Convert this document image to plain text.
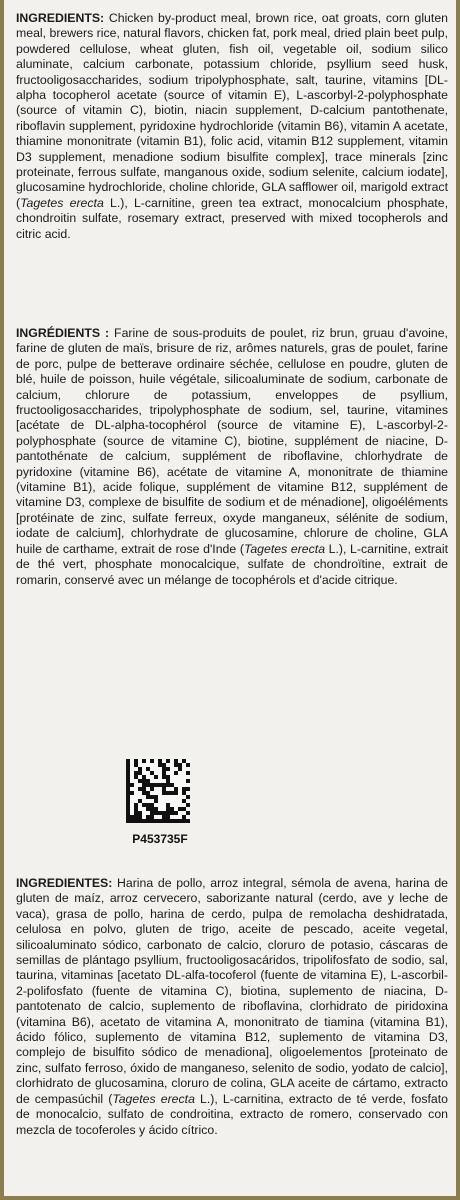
INGREDIENTS: Chicken by-product meal, brown rice, oat groats, corn gluten meal, brewers rice, natural flavors, chicken fat, pork meal, dried plain beet pulp, powdered cellulose, wheat gluten, fish oil, vegetable oil, sodium silico aluminate, calcium carbonate, potassium chloride, psyllium seed husk, fructooligosaccharides, sodium tripolyphosphate, salt, taurine, vitamins [DL-alpha tocopherol acetate (source of vitamin E), L-ascorbyl-2-polyphosphate (source of vitamin C), biotin, niacin supplement, D-calcium pantothenate, riboflavin supplement, pyridoxine hydrochloride (vitamin B6), vitamin A acetate, thiamine mononitrate (vitamin B1), folic acid, vitamin B12 supplement, vitamin D3 supplement, menadione sodium bisulfite complex], trace minerals [zinc proteinate, ferrous sulfate, manganous oxide, sodium selenite, calcium iodate], glucosamine hydrochloride, choline chloride, GLA safflower oil, marigold extract (Tagetes erecta L.), L-carnitine, green tea extract, monocalcium phosphate, chondroitin sulfate, rosemary extract, preserved with mixed tocopherols and citric acid.

INGRÉDIENTS : Farine de sous-produits de poulet, riz brun, gruau d'avoine, farine de gluten de maïs, brisure de riz, arômes naturels, gras de poulet, farine de porc, pulpe de betterave ordinaire séchée, cellulose en poudre, gluten de blé, huile de poisson, huile végétale, silicoaluminate de sodium, carbonate de calcium, chlorure de potassium, enveloppes de psyllium, fructooligosaccharides, tripolyphosphate de sodium, sel, taurine, vitamines [acétate de DL-alpha-tocophérol (source de vitamine E), L-ascorbyl-2-polyphosphate (source de vitamine C), biotine, supplément de niacine, D-pantothénate de calcium, supplément de riboflavine, chlorhydrate de pyridoxine (vitamine B6), acétate de vitamine A, mononitrate de thiamine (vitamine B1), acide folique, supplément de vitamine B12, supplément de vitamine D3, complexe de bisulfite de sodium et de ménadione], oligoéléments [protéinate de zinc, sulfate ferreux, oxyde manganeux, sélénite de sodium, iodate de calcium], chlorhydrate de glucosamine, chlorure de choline, GLA huile de carthame, extrait de rose d'Inde (Tagetes erecta L.), L-carnitine, extrait de thé vert, phosphate monocalcique, sulfate de chondroïtine, extrait de romarin, conservé avec un mélange de tocophérols et d'acide citrique.

P453735F

INGREDIENTES: Harina de pollo, arroz integral, sémola de avena, harina de gluten de maíz, arroz cervecero, saborizante natural (cerdo, ave y leche de vaca), grasa de pollo, harina de cerdo, pulpa de remolacha deshidratada, celulosa en polvo, gluten de trigo, aceite de pescado, aceite vegetal, silicoaluminato sódico, carbonato de calcio, cloruro de potasio, cáscaras de semillas de plántago psyllium, fructooligosacáridos, tripolifosfato de sodio, sal, taurina, vitaminas [acetato DL-alfa-tocoferol (fuente de vitamina E), L-ascorbil-2-polifosfato (fuente de vitamina C), biotina, suplemento de niacina, D-pantotenato de calcio, suplemento de riboflavina, clorhidrato de piridoxina (vitamina B6), acetato de vitamina A, mononitrato de tiamina (vitamina B1), ácido fólico, suplemento de vitamina B12, suplemento de vitamina D3, complejo de bisulfito sódico de menadiona], oligoelementos [proteinato de zinc, sulfato ferroso, óxido de manganeso, selenito de sodio, yodato de calcio], clorhidrato de glucosamina, cloruro de colina, GLA aceite de cártamo, extracto de cempasúchil (Tagetes erecta L.), L-carnitina, extracto de té verde, fosfato de monocalcio, sulfato de condroitina, extracto de romero, conservado con mezcla de tocoferoles y ácido cítrico.
